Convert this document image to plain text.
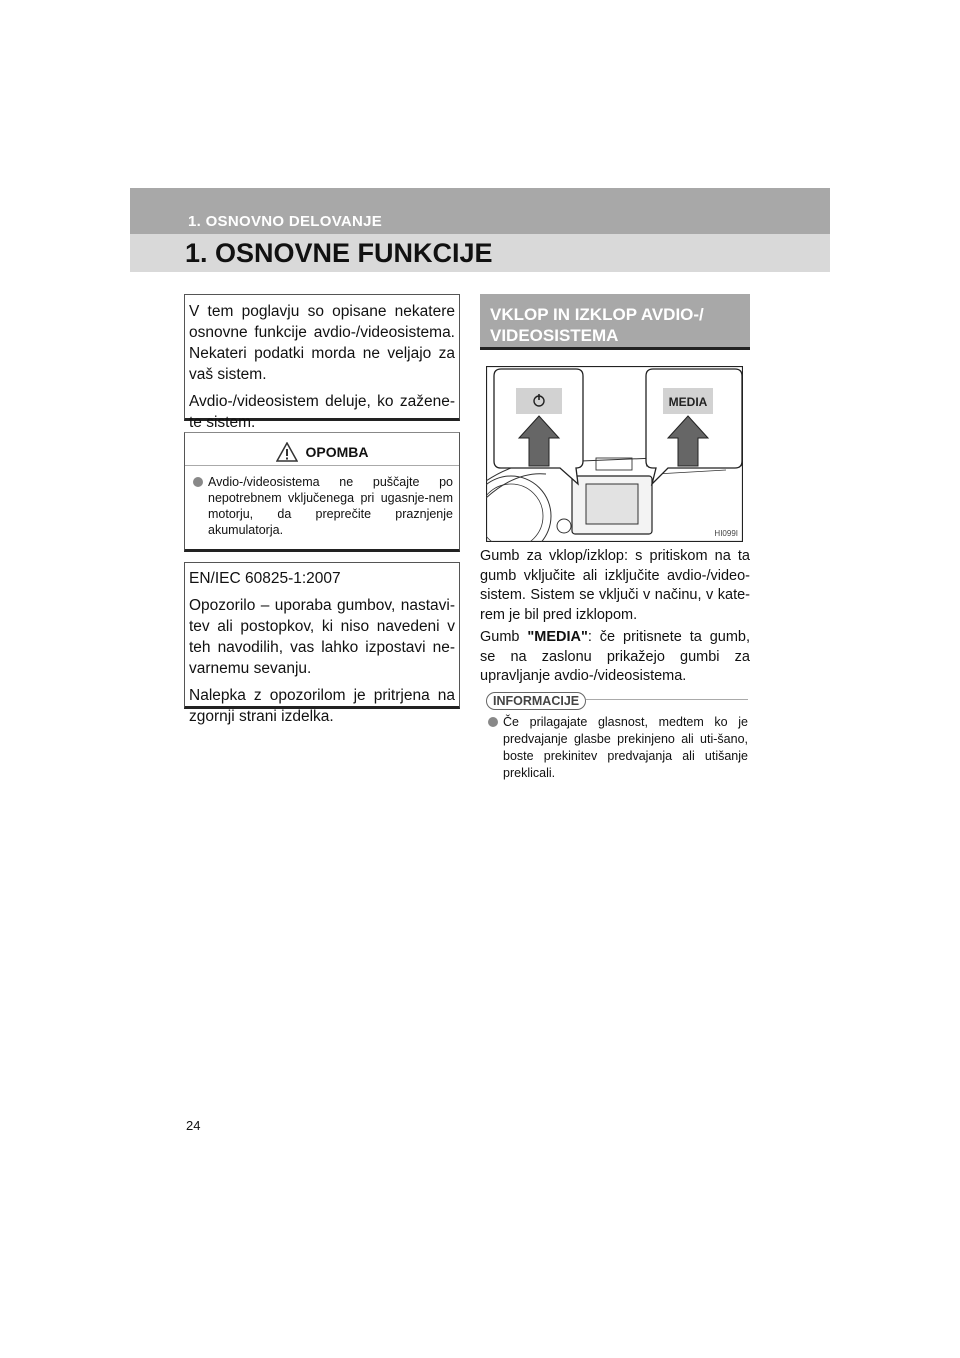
1. OSNOVNO DELOVANJE
1. OSNOVNE FUNKCIJE

V tem poglavju so opisane nekatere osnovne funkcije avdio-/videosistema. Nekateri podatki morda ne veljajo za vaš sistem.

Avdio-/videosistem deluje, ko zažene-te sistem.

OPOMBA

Avdio-/videosistema ne puščajte po nepotrebnem vključenega pri ugasnje-nem motorju, da preprečite praznjenje akumulatorja.

EN/IEC 60825-1:2007

Opozorilo – uporaba gumbov, nastavi-tev ali postopkov, ki niso navedeni v teh navodilih, vas lahko izpostavi ne-varnemu sevanju.

Nalepka z opozorilom je pritrjena na zgornji strani izdelka.

VKLOP IN IZKLOP AVDIO-/ VIDEOSISTEMA
MEDIA
HI099I

Gumb za vklop/izklop: s pritiskom na ta gumb vključite ali izključite avdio-/video-sistem. Sistem se vključi v načinu, v kate-rem je bil pred izklopom.

Gumb "MEDIA": če pritisnete ta gumb, se na zaslonu prikažejo gumbi za upravljanje avdio-/videosistema.

INFORMACIJE

Če prilagajate glasnost, medtem ko je predvajanje glasbe prekinjeno ali uti-šano, boste prekinitev predvajanja ali utišanje preklicali.

24
